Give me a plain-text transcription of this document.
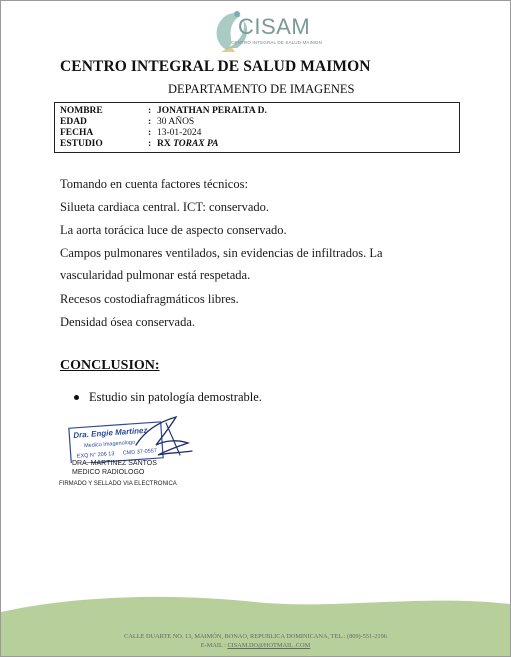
CISAM
CENTRO INTEGRAL DE SALUD MAIMON
CENTRO INTEGRAL DE SALUD MAIMON
DEPARTAMENTO DE IMAGENES
NOMBRE	: JONATHAN PERALTA D.
EDAD	: 30 AÑOS
FECHA	: 13-01-2024
ESTUDIO	: RX TORAX PA
Tomando en cuenta factores técnicos:
Silueta cardiaca central. ICT: conservado.
La aorta torácica luce de aspecto conservado.
Campos pulmonares ventilados, sin evidencias de infiltrados. La
vascularidad pulmonar está respetada.
Recesos costodiafragmáticos libres.
Densidad ósea conservada.
CONCLUSION:
Estudio sin patología demostrable.
Dra. Engie Martinez
Medico Imagenologo
EXQ N° 206 13 CMD 37-0557
DRA. MARTINEZ SANTOS
MEDICO RADIOLOGO
FIRMADO Y SELLADO VIA ELECTRONICA
CALLE DUARTE NO. 13, MAIMÓN, BONAO, REPUBLICA DOMINICANA, TEL.: (809)-551-2196
E-MAIL : CISAM.DO@HOTMAIL .COM
